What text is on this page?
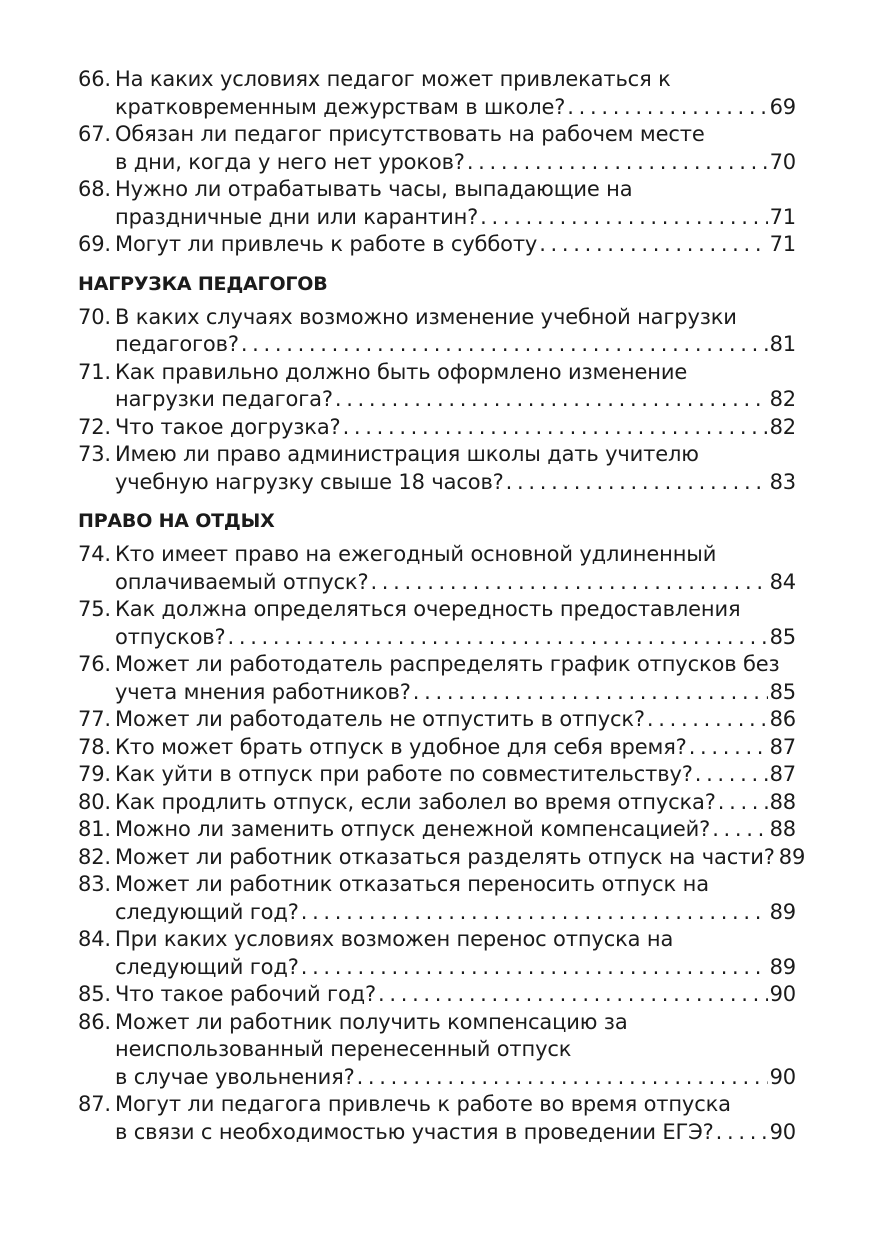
66. На каких условиях педагог может привлекаться к
кратковременным дежурствам в школе? . . .	69
67. Обязан ли педагог присутствовать на рабочем месте
в дни, когда у него нет уроков? . . .	70
68. Нужно ли отрабатывать часы, выпадающие на
праздничные дни или карантин? . . .	71
69. Могут ли привлечь к работе в субботу . . .	71
НАГРУЗКА ПЕДАГОГОВ
70. В каких случаях возможно изменение учебной нагрузки
педагогов? . . .	81
71. Как правильно должно быть оформлено изменение
нагрузки педагога? . . .	82
72. Что такое догрузка? . . .	82
73. Имею ли право администрация школы дать учителю
учебную нагрузку свыше 18 часов? . . .	83
ПРАВО НА ОТДЫХ
74. Кто имеет право на ежегодный основной удлиненный
оплачиваемый отпуск? . . .	84
75. Как должна определяться очередность предоставления
отпусков? . . .	85
76. Может ли работодатель распределять график отпусков без
учета мнения работников? . . .	85
77. Может ли работодатель не отпустить в отпуск? . . .	86
78. Кто может брать отпуск в удобное для себя время? . . .	87
79. Как уйти в отпуск при работе по совместительству? . . .	87
80. Как продлить отпуск, если заболел во время отпуска? . . .	88
81. Можно ли заменить отпуск денежной компенсацией? . . .	88
82. Может ли работник отказаться разделять отпуск на части? 89
83. Может ли работник отказаться переносить отпуск на
следующий год? . . .	89
84. При каких условиях возможен перенос отпуска на
следующий год? . . .	89
85. Что такое рабочий год? . . .	90
86. Может ли работник получить компенсацию за
неиспользованный перенесенный отпуск
в случае увольнения? . . .	90
87. Могут ли педагога привлечь к работе во время отпуска
в связи с необходимостью участия в проведении ЕГЭ? . . .	90
